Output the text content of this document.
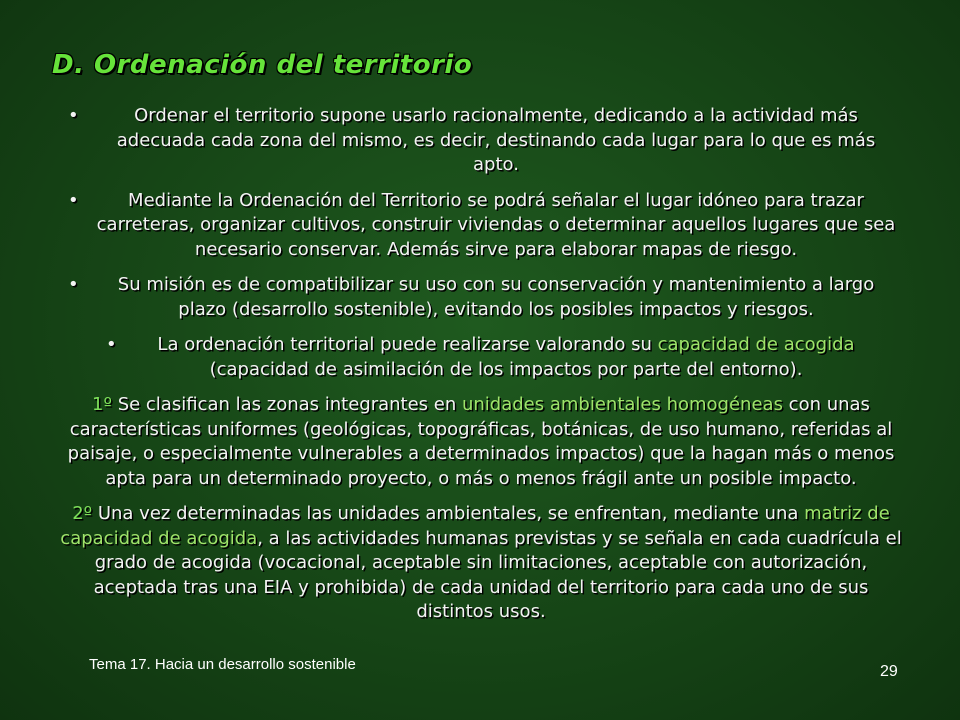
D. Ordenación del territorio

•	Ordenar el territorio supone usarlo racionalmente, dedicando a la actividad más adecuada cada zona del mismo, es decir, destinando cada lugar para lo que es más apto.

•	Mediante la Ordenación del Territorio se podrá señalar el lugar idóneo para trazar carreteras, organizar cultivos, construir viviendas o determinar aquellos lugares que sea necesario conservar. Además sirve para elaborar mapas de riesgo.

• Su misión es de compatibilizar su uso con su conservación y mantenimiento a largo plazo (desarrollo sostenible), evitando los posibles impactos y riesgos.

• La ordenación territorial puede realizarse valorando su capacidad de acogida (capacidad de asimilación de los impactos por parte del entorno).

1º Se clasifican las zonas integrantes en unidades ambientales homogéneas con unas características uniformes (geológicas, topográficas, botánicas, de uso humano, referidas al paisaje, o especialmente vulnerables a determinados impactos) que la hagan más o menos apta para un determinado proyecto, o más o menos frágil ante un posible impacto.

2º Una vez determinadas las unidades ambientales, se enfrentan, mediante una matriz de capacidad de acogida, a las actividades humanas previstas y se señala en cada cuadrícula el grado de acogida (vocacional, aceptable sin limitaciones, aceptable con autorización, aceptada tras una EIA y prohibida) de cada unidad del territorio para cada uno de sus distintos usos.

Tema 17. Hacia un desarrollo sostenible	29
